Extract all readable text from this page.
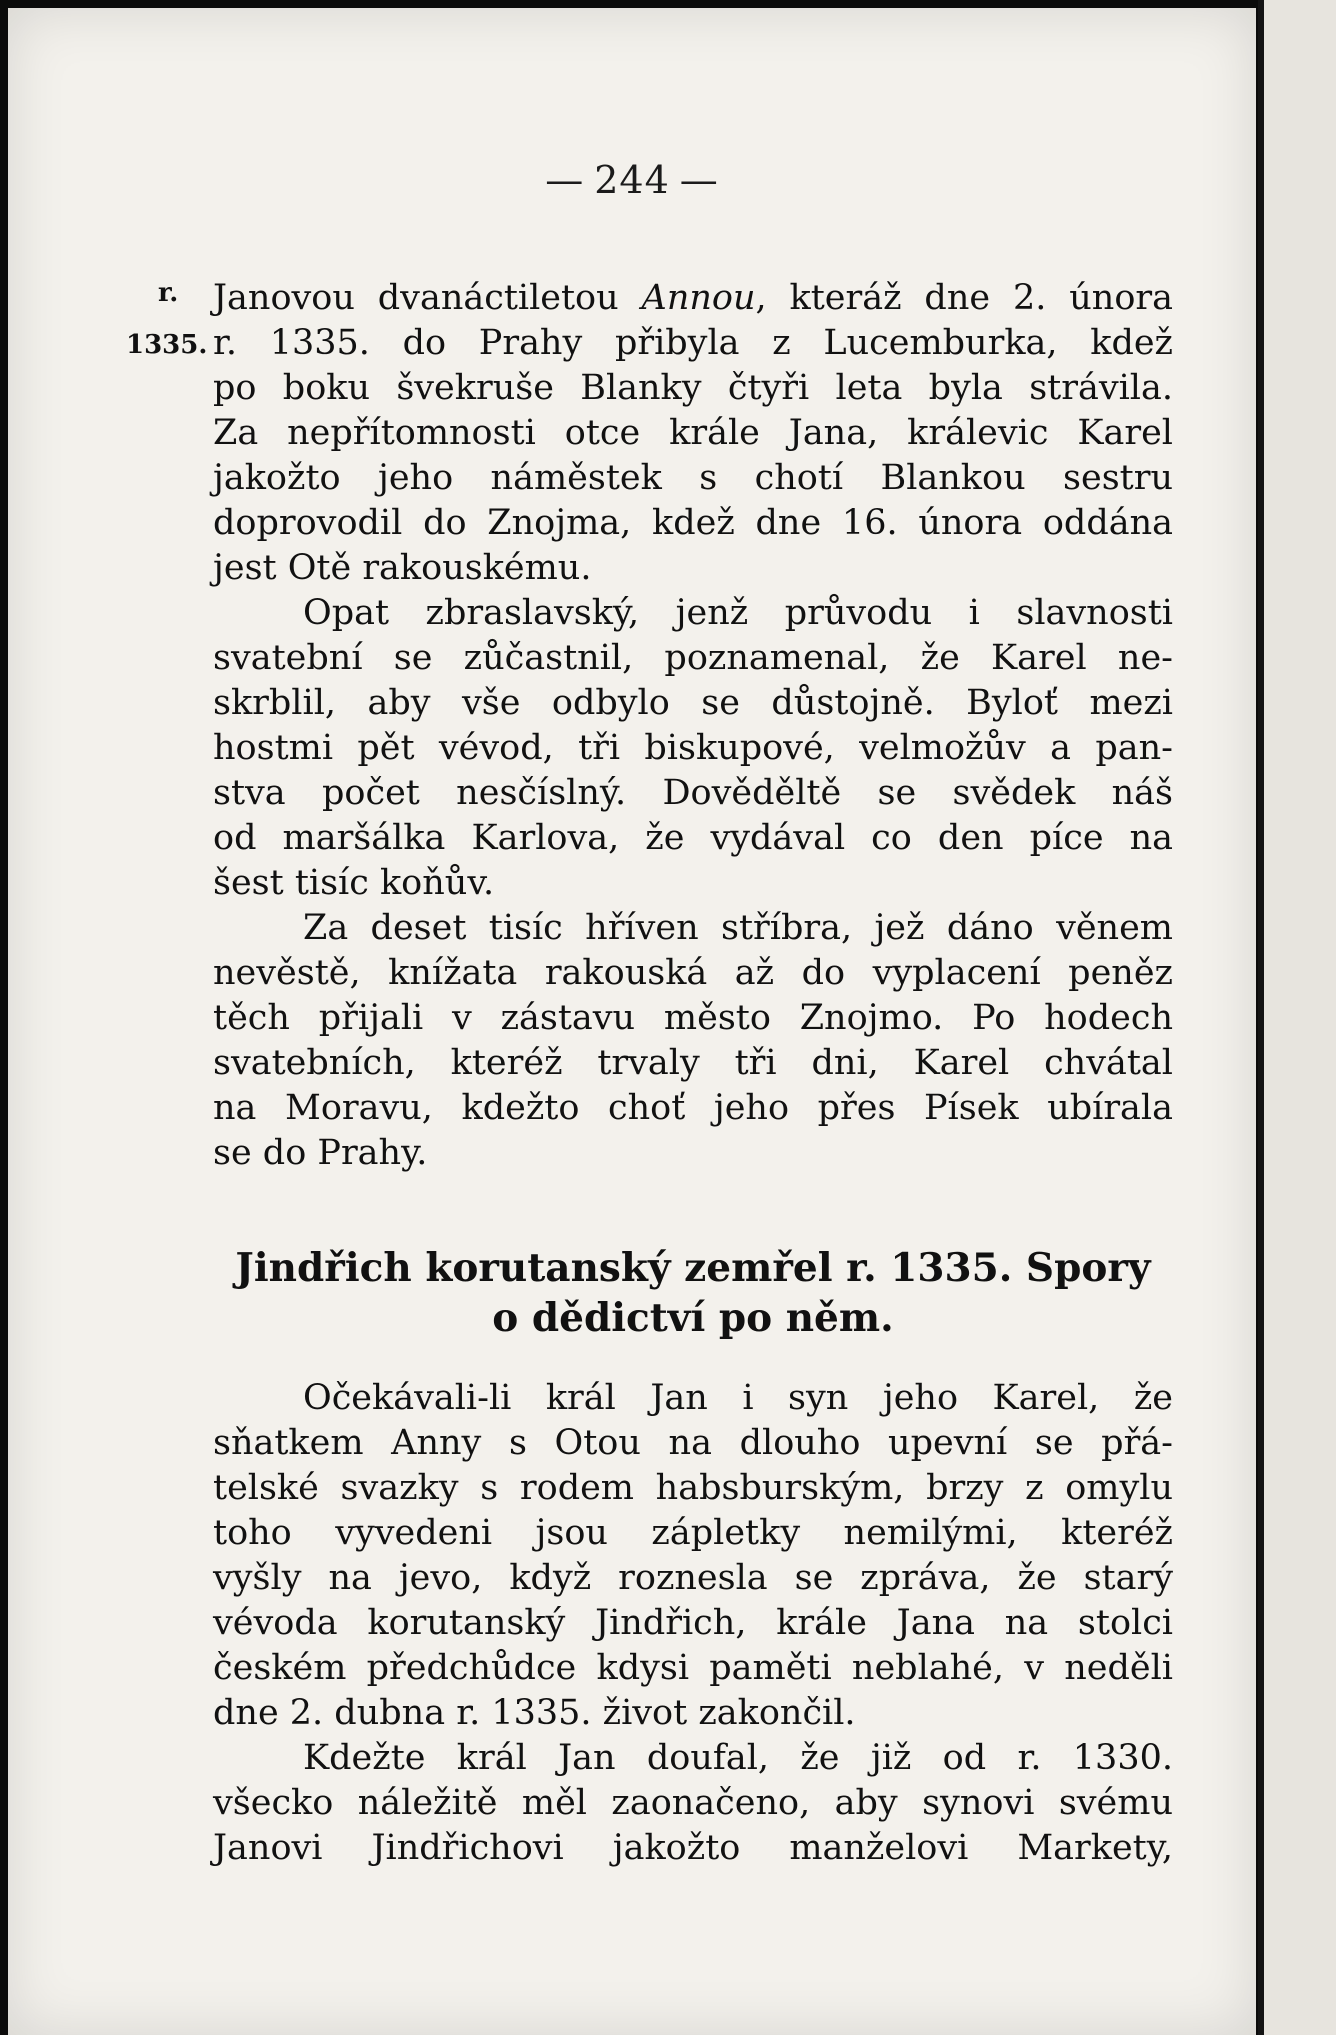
— 244 —
r.
1335.
Janovou dvanáctiletou Annou, kteráž dne 2. února
r. 1335. do Prahy přibyla z Lucemburka, kdež
po boku švekruše Blanky čtyři leta byla strávila.
Za nepřítomnosti otce krále Jana, králevic Karel
jakožto jeho náměstek s chotí Blankou sestru
doprovodil do Znojma, kdež dne 16. února oddána
jest Otě rakouskému.
Opat zbraslavský, jenž průvodu i slavnosti
svatební se zůčastnil, poznamenal, že Karel ne-
skrblil, aby vše odbylo se důstojně. Byloť mezi
hostmi pět vévod, tři biskupové, velmožův a pan-
stva počet nesčíslný. Dověděltě se svědek náš
od maršálka Karlova, že vydával co den píce na
šest tisíc koňův.
Za deset tisíc hříven stříbra, jež dáno věnem
nevěstě, knížata rakouská až do vyplacení peněz
těch přijali v zástavu město Znojmo. Po hodech
svatebních, kteréž trvaly tři dni, Karel chvátal
na Moravu, kdežto choť jeho přes Písek ubírala
se do Prahy.
Jindřich korutanský zemřel r. 1335. Spory
o dědictví po něm.
Očekávali-li král Jan i syn jeho Karel, že
sňatkem Anny s Otou na dlouho upevní se přá-
telské svazky s rodem habsburským, brzy z omylu
toho vyvedeni jsou zápletky nemilými, kteréž
vyšly na jevo, když roznesla se zpráva, že starý
vévoda korutanský Jindřich, krále Jana na stolci
českém předchůdce kdysi paměti neblahé, v neděli
dne 2. dubna r. 1335. život zakončil.
Kdežte král Jan doufal, že již od r. 1330.
všecko náležitě měl zaonačeno, aby synovi svému
Janovi Jindřichovi jakožto manželovi Markety,
